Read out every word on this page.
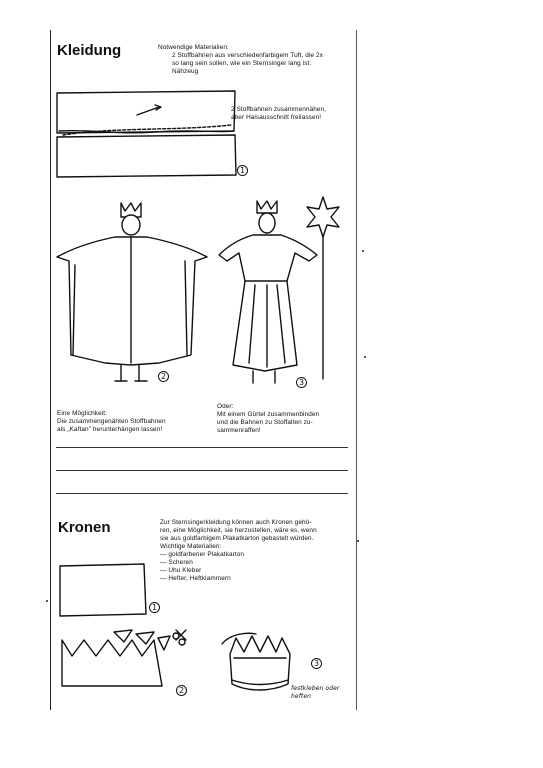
Kleidung	Notwendige Materialien:
2 Stoffbahnen aus verschiedenfarbigem Tuft, die 2x
so lang sein sollen, wie ein Sternsinger lang ist.
Nähzeug
2 Stoffbahnen zusammennähen,
aber Halsausschnitt freilassen!
1
2
3
Eine Möglichkeit:
Die zusammengenähten Stoffbahnen
als „Kaftan" herunterhängen lassen!
Oder:
Mit einem Gürtel zusammenbinden
und die Bahnen zu Stoffalten zu-
sammenraffen!
Kronen	Zur Sternsingerkleidung können auch Kronen gehö-
ren, eine Möglichkeit, sie herzustellen, wäre es, wenn
sie aus goldfarbigem Plakatkarton gebastelt würden.
Wichtige Materialien:
— goldfarbener Plakatkarton
— Scheren
— Uhu Kleber
— Hefter, Heftklammern
1
2
3
festkleben oder
heften
